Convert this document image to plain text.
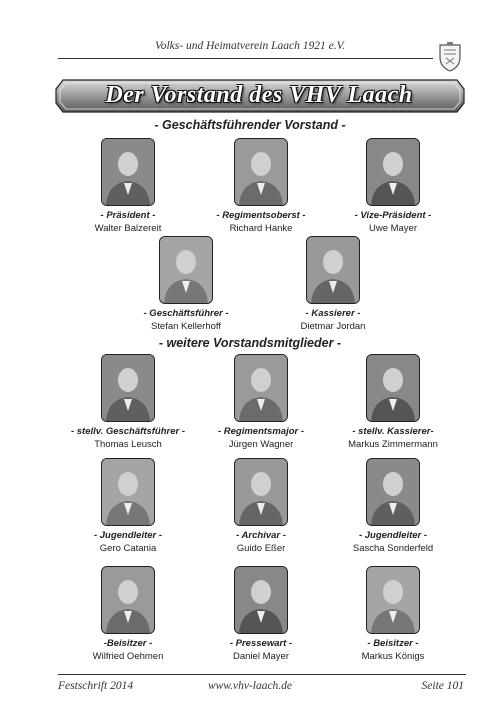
Volks- und Heimatverein Laach 1921 e.V.
Der Vorstand des VHV Laach
- Geschäftsführender Vorstand -
- weitere Vorstandsmitglieder -
- Präsident -
Walter Balzereit
- Regimentsoberst -
Richard Hanke
- Vize-Präsident -
Uwe Mayer
- Geschäftsführer -
Stefan Kellerhoff
- Kassierer -
Dietmar Jordan
- stellv. Geschäftsführer -
Thomas Leusch
- Regimentsmajor -
Jürgen Wagner
- stellv. Kassierer-
Markus Zimmermann
- Jugendleiter -
Gero Catania
- Archivar -
Guido Eßer
- Jugendleiter -
Sascha Sonderfeld
-Beisitzer -
Wilfried Oehmen
- Pressewart -
Daniel Mayer
- Beisitzer -
Markus Königs
Festschrift 2014	www.vhv-laach.de	Seite 101
